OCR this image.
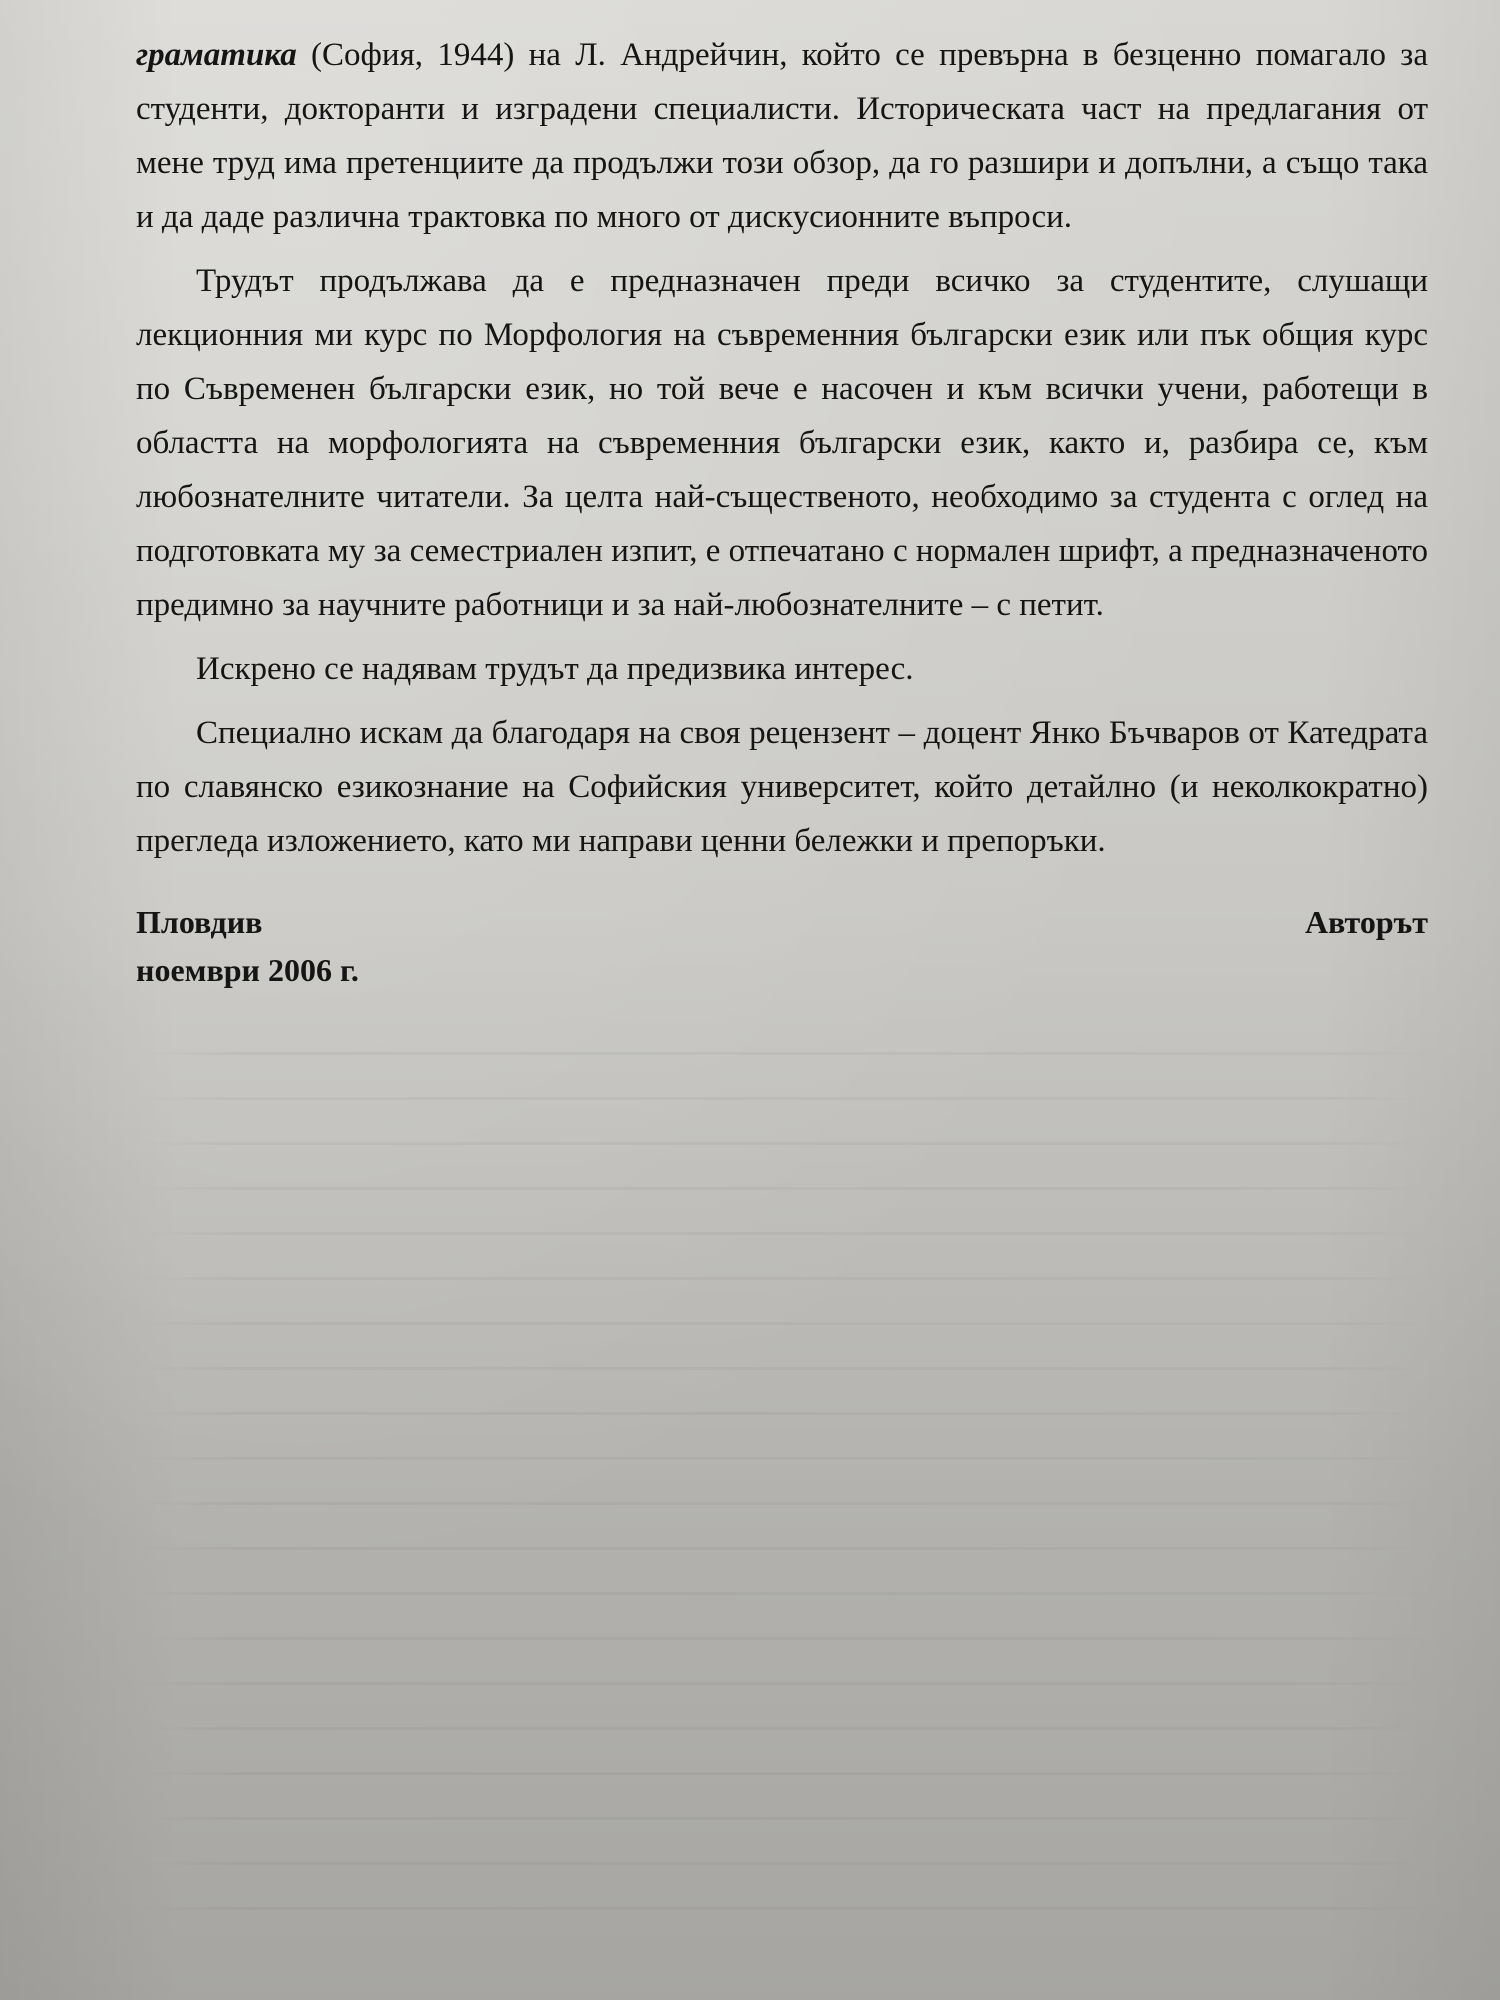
граматика (София, 1944) на Л. Андрейчин, който се превърна в безценно помагало за студенти, докторанти и изградени специалисти. Историческата част на предлагания от мене труд има претенциите да продължи този обзор, да го разшири и допълни, а също така и да даде различна трактовка по много от дискусионните въпроси.

Трудът продължава да е предназначен преди всичко за студентите, слушащи лекционния ми курс по Морфология на съвременния български език или пък общия курс по Съвременен български език, но той вече е насочен и към всички учени, работещи в областта на морфологията на съвременния български език, както и, разбира се, към любознателните читатели. За целта най-същественото, необходимо за студента с оглед на подготовката му за семестриален изпит, е отпечатано с нормален шрифт, а предназначеното предимно за научните работници и за най-любознателните – с петит.

Искрено се надявам трудът да предизвика интерес.

Специално искам да благодаря на своя рецензент – доцент Янко Бъчваров от Катедрата по славянско езикознание на Софийския университет, който детайлно (и неколкократно) прегледа изложението, като ми направи ценни бележки и препоръки.

Пловдив	Авторът
ноември 2006 г.
